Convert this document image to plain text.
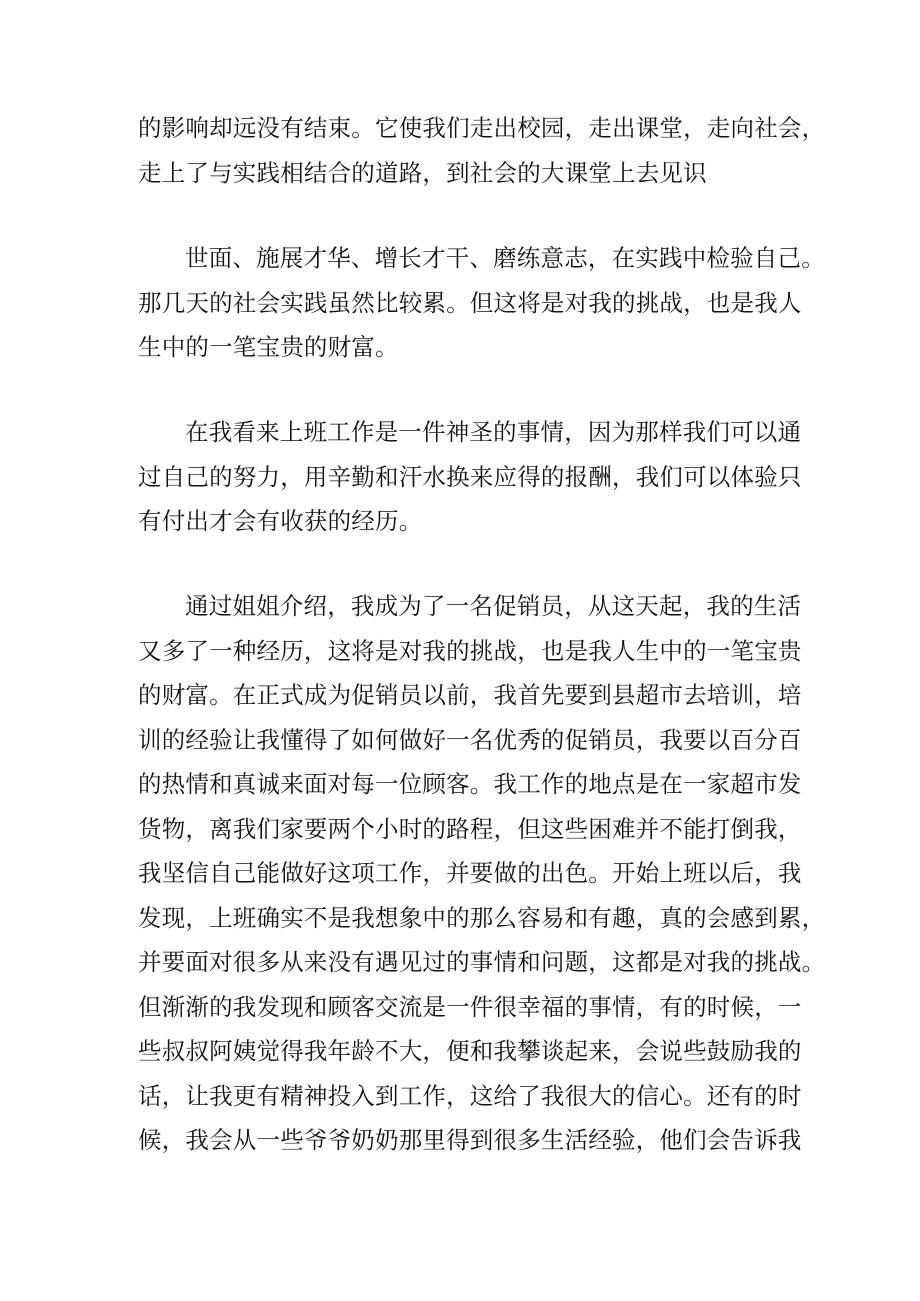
的影响却远没有结束。它使我们走出校园，走出课堂，走向社会，
走上了与实践相结合的道路，到社会的大课堂上去见识
世面、施展才华、增长才干、磨练意志，在实践中检验自己。
那几天的社会实践虽然比较累。但这将是对我的挑战，也是我人
生中的一笔宝贵的财富。
在我看来上班工作是一件神圣的事情，因为那样我们可以通
过自己的努力，用辛勤和汗水换来应得的报酬，我们可以体验只
有付出才会有收获的经历。
通过姐姐介绍，我成为了一名促销员，从这天起，我的生活
又多了一种经历，这将是对我的挑战，也是我人生中的一笔宝贵
的财富。在正式成为促销员以前，我首先要到县超市去培训，培
训的经验让我懂得了如何做好一名优秀的促销员，我要以百分百
的热情和真诚来面对每一位顾客。我工作的地点是在一家超市发
货物，离我们家要两个小时的路程，但这些困难并不能打倒我，
我坚信自己能做好这项工作，并要做的出色。开始上班以后，我
发现，上班确实不是我想象中的那么容易和有趣，真的会感到累，
并要面对很多从来没有遇见过的事情和问题，这都是对我的挑战。
但渐渐的我发现和顾客交流是一件很幸福的事情，有的时候，一
些叔叔阿姨觉得我年龄不大，便和我攀谈起来，会说些鼓励我的
话，让我更有精神投入到工作，这给了我很大的信心。还有的时
候，我会从一些爷爷奶奶那里得到很多生活经验，他们会告诉我
